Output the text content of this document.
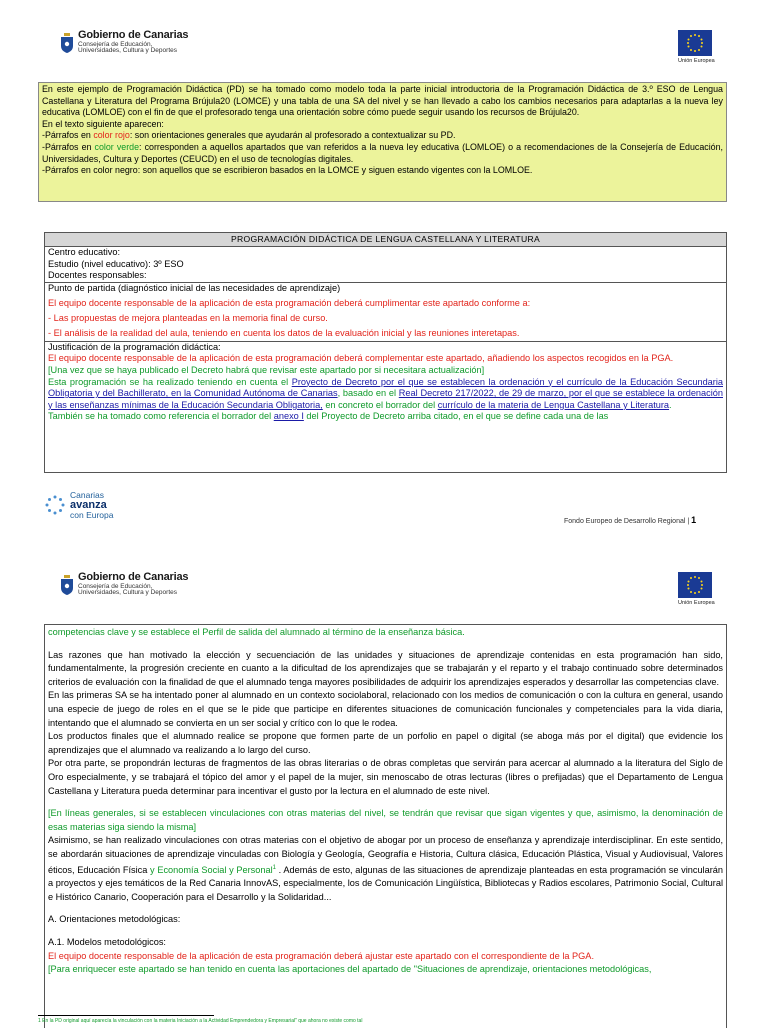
Gobierno de Canarias
Consejería de Educación,
Universidades, Cultura y Deportes
Unión Europea

En este ejemplo de Programación Didáctica (PD) se ha tomado como modelo toda la parte inicial introductoria de la Programación Didáctica de 3.º ESO de Lengua Castellana y Literatura del Programa Brújula20 (LOMCE) y una tabla de una SA del nivel y se han llevado a cabo los cambios necesarios para adaptarlas a la nueva ley educativa (LOMLOE) con el fin de que el profesorado tenga una orientación sobre cómo puede seguir usando los recursos de Brújula20.

En el texto siguiente aparecen:

-Párrafos en color rojo: son orientaciones generales que ayudarán al profesorado a contextualizar su PD.

-Párrafos en color verde: corresponden a aquellos apartados que van referidos a la nueva ley educativa (LOMLOE) o a recomendaciones de la Consejería de Educación, Universidades, Cultura y Deportes (CEUCD) en el uso de tecnologías digitales.

-Párrafos en color negro: son aquellos que se escribieron basados en la LOMCE y siguen estando vigentes con la LOMLOE.

PROGRAMACIÓN DIDÁCTICA DE LENGUA CASTELLANA Y LITERATURA

Centro educativo:

Estudio (nivel educativo): 3º ESO

Docentes responsables:

Punto de partida (diagnóstico inicial de las necesidades de aprendizaje)

El equipo docente responsable de la aplicación de esta programación deberá cumplimentar este apartado conforme a:

- Las propuestas de mejora planteadas en la memoria final de curso.

- El análisis de la realidad del aula, teniendo en cuenta los datos de la evaluación inicial y las reuniones interetapas.

Justificación de la programación didáctica:

El equipo docente responsable de la aplicación de esta programación deberá complementar este apartado, añadiendo los aspectos recogidos en la PGA.

[Una vez que se haya publicado el Decreto habrá que revisar este apartado por si necesitara actualización]

Esta programación se ha realizado teniendo en cuenta el Proyecto de Decreto por el que se establecen la ordenación y el currículo de la Educación Secundaria Obligatoria y del Bachillerato, en la Comunidad Autónoma de Canarias, basado en el Real Decreto 217/2022, de 29 de marzo, por el que se establece la ordenación y las enseñanzas mínimas de la Educación Secundaria Obligatoria, en concreto el borrador del currículo de la materia de Lengua Castellana y Literatura.

También se ha tomado como referencia el borrador del anexo I del Proyecto de Decreto arriba citado, en el que se define cada una de las

Canarias
avanza
con Europa
Fondo Europeo de Desarrollo Regional | 1
Gobierno de Canarias
Consejería de Educación,
Universidades, Cultura y Deportes
Unión Europea

competencias clave y se establece el Perfil de salida del alumnado al término de la enseñanza básica.

Las razones que han motivado la elección y secuenciación de las unidades y situaciones de aprendizaje contenidas en esta programación han sido, fundamentalmente, la progresión creciente en cuanto a la dificultad de los aprendizajes que se trabajarán y el reparto y el trabajo continuado sobre determinados criterios de evaluación con la finalidad de que el alumnado tenga mayores posibilidades de adquirir los aprendizajes esperados y desarrollar las competencias clave.

En las primeras SA se ha intentado poner al alumnado en un contexto sociolaboral, relacionado con los medios de comunicación o con la cultura en general, usando una especie de juego de roles en el que se le pide que participe en diferentes situaciones de comunicación funcionales y competenciales para la vida diaria, intentando que el alumnado se convierta en un ser social y crítico con lo que le rodea.

Los productos finales que el alumnado realice se propone que formen parte de un porfolio en papel o digital (se aboga más por el digital) que evidencie los aprendizajes que el alumnado va realizando a lo largo del curso.

Por otra parte, se propondrán lecturas de fragmentos de las obras literarias o de obras completas que servirán para acercar al alumnado a la literatura del Siglo de Oro especialmente, y se trabajará el tópico del amor y el papel de la mujer, sin menoscabo de otras lecturas (libres o prefijadas) que el Departamento de Lengua Castellana y Literatura pueda determinar para incentivar el gusto por la lectura en el alumnado de este nivel.

[En líneas generales, si se establecen vinculaciones con otras materias del nivel, se tendrán que revisar que sigan vigentes y que, asimismo, la denominación de esas materias siga siendo la misma]

Asimismo, se han realizado vinculaciones con otras materias con el objetivo de abogar por un proceso de enseñanza y aprendizaje interdisciplinar. En este sentido, se abordarán situaciones de aprendizaje vinculadas con Biología y Geología, Geografía e Historia, Cultura clásica, Educación Plástica, Visual y Audiovisual, Valores éticos, Educación Física y Economía Social y Personal$^1$ . Además de esto, algunas de las situaciones de aprendizaje planteadas en esta programación se vincularán a proyectos y ejes temáticos de la Red Canaria InnovAS, especialmente, los de Comunicación Lingüística, Bibliotecas y Radios escolares, Patrimonio Social, Cultural e Histórico Canario, Cooperación para el Desarrollo y la Solidaridad...

A. Orientaciones metodológicas:

A.1. Modelos metodológicos:

El equipo docente responsable de la aplicación de esta programación deberá ajustar este apartado con el correspondiente de la PGA.

[Para enriquecer este apartado se han tenido en cuenta las aportaciones del apartado de "Situaciones de aprendizaje, orientaciones metodológicas,

1 En la PD original aquí aparecía la vinculación con la materia Iniciación a la Actividad Emprendedora y Empresarial" que ahora no existe como tal
